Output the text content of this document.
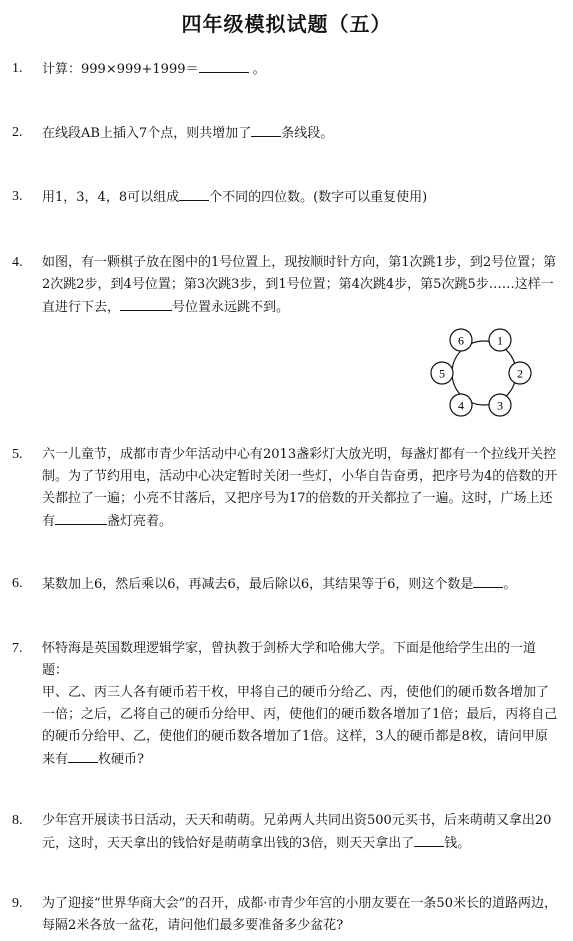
四年级模拟试题（五）
1.	计算：999×999+1999＝	。
2.	在线段AB上插入7个点，则共增加了 条线段。
3.	用1，3，4，8可以组成 个不同的四位数。(数字可以重复使用)
4.	如图，有一颗棋子放在图中的1号位置上，现按顺时针方向，第1次跳1步，到2号位置；第2次跳2步，到4号位置；第3次跳3步，到1号位置；第4次跳4步，第5次跳5步……这样一直进行下去，	号位置永远跳不到。
6	1
2
3
4
5
5.	六一儿童节，成都市青少年活动中心有2013盏彩灯大放光明，每盏灯都有一个拉线开关控制。为了节约用电，活动中心决定暂时关闭一些灯，小华自告奋勇，把序号为4的倍数的开关都拉了一遍；小亮不甘落后，又把序号为17的倍数的开关都拉了一遍。这时，广场上还有	盏灯亮着。
6.	某数加上6，然后乘以6，再减去6，最后除以6，其结果等于6，则这个数是 。
7.	怀特海是英国数理逻辑学家，曾执教于剑桥大学和哈佛大学。下面是他给学生出的一道题：
甲、乙、丙三人各有硬币若干枚，甲将自己的硬币分给乙、丙，使他们的硬币数各增加了一倍；之后，乙将自己的硬币分给甲、丙，使他们的硬币数各增加了1倍；最后，丙将自己的硬币分给甲、乙，使他们的硬币数各增加了1倍。这样，3人的硬币都是8枚，请问甲原来有 枚硬币?
8.	少年宫开展读书日活动，天天和萌萌。兄弟两人共同出资500元买书，后来萌萌又拿出20元，这时，天天拿出的钱恰好是萌萌拿出钱的3倍，则天天拿出了 钱。
9.	为了迎接“世界华商大会”的召开，成都·市青少年宫的小朋友要在一条50米长的道路两边，每隔2米各放一盆花，请问他们最多要准备多少盆花?
